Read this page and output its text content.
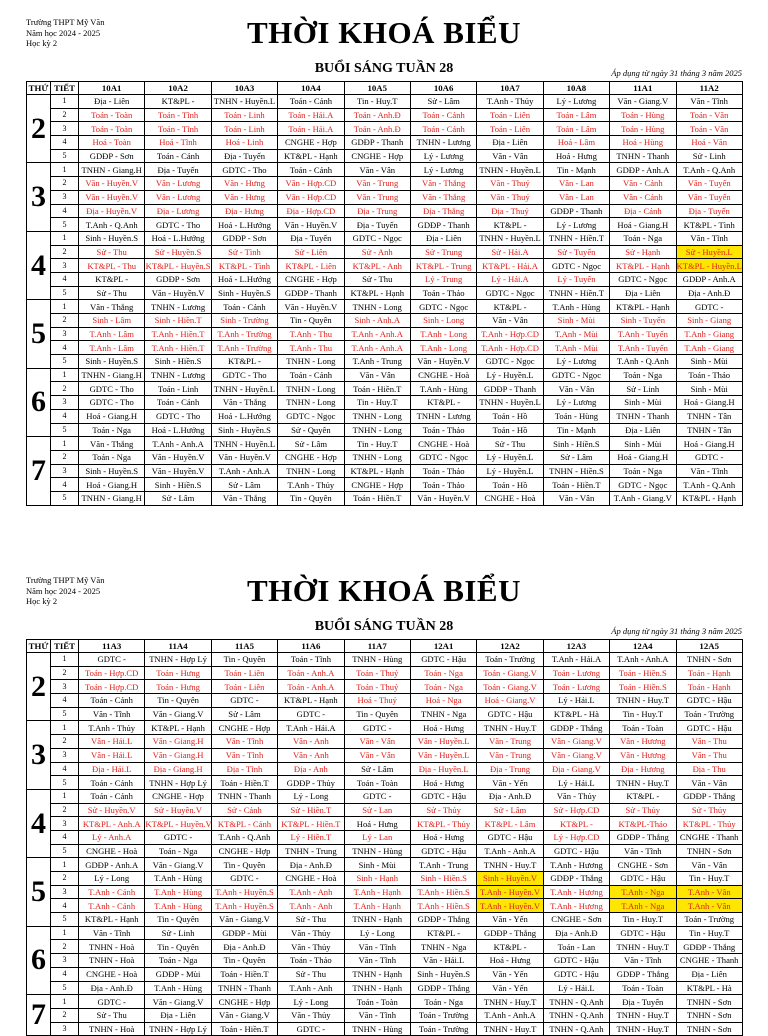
Trường THPT Mỹ Văn
Năm học 2024 - 2025
Học kỳ 2	THỜI KHOÁ BIỂU
BUỔI SÁNG TUẦN 28	Áp dụng từ ngày 31 tháng 3 năm 2025
THỨ	TIẾT	10A1	10A2	10A3	10A4	10A5	10A6	10A7	10A8	11A1	11A2
2	1	Địa - Liên	KT&PL -	TNHN - Huyền.L	Toán - Cảnh	Tin - Huy.T	Sử - Lâm	T.Anh - Thủy	Lý - Lương	Văn - Giang.V	Văn - Tĩnh
	2	Toán - Toàn	Toán - Tĩnh	Toán - Linh	Toán - Hải.A	Toán - Anh.Đ	Toán - Cảnh	Toán - Liên	Toán - Lâm	Toán - Hùng	Toán - Văn
	3	Toán - Toàn	Toán - Tĩnh	Toán - Linh	Toán - Hải.A	Toán - Anh.Đ	Toán - Cảnh	Toán - Liên	Toán - Lâm	Toán - Hùng	Toán - Văn
	4	Hoá - Toàn	Hoá - Tĩnh	Hoá - Linh	CNGHE - Hợp	GDĐP - Thanh	TNHN - Lương	Địa - Liên	Hoá - Lâm	Hoá - Hùng	Hoá - Văn
	5	GDĐP - Sơn	Toán - Cảnh	Địa - Tuyến	KT&PL - Hạnh	CNGHE - Hợp	Lý - Lương	Văn - Vân	Hoá - Hưng	TNHN - Thanh	Sử - Linh
3	1	TNHN - Giang.H	Địa - Tuyến	GDTC - Tho	Toán - Cảnh	Văn - Vân	Lý - Lương	TNHN - Huyền.L	Tin - Mạnh	GDĐP - Anh.A	T.Anh - Q.Anh
	2	Văn - Huyền.V	Văn - Lương	Văn - Hưng	Văn - Hợp.CD	Văn - Trung	Văn - Thắng	Văn - Thuỷ	Văn - Lan	Văn - Cảnh	Văn - Tuyến
	3	Văn - Huyền.V	Văn - Lương	Văn - Hưng	Văn - Hợp.CD	Văn - Trung	Văn - Thắng	Văn - Thuỷ	Văn - Lan	Văn - Cảnh	Văn - Tuyến
	4	Địa - Huyền.V	Địa - Lương	Địa - Hưng	Địa - Hợp.CD	Địa - Trung	Địa - Thắng	Địa - Thuỷ	GDĐP - Thanh	Địa - Cảnh	Địa - Tuyến
	5	T.Anh - Q.Anh	GDTC - Tho	Hoá - L.Hướng	Văn - Huyền.V	Địa - Tuyến	GDĐP - Thanh	KT&PL -	Lý - Lương	Hoá - Giang.H	KT&PL - Tình
4	1	Sinh - Huyền.S	Hoá - L.Hướng	GDĐP - Sơn	Địa - Tuyến	GDTC - Ngọc	Địa - Liên	TNHN - Huyền.L	TNHN - Hiền.T	Toán - Nga	Văn - Tĩnh
	2	Sử - Thu	Sử - Huyền.S	Sử - Tình	Sử - Liên	Sử - Anh	Sử - Trung	Sử - Hải.A	Sử - Tuyến	Sử - Hạnh	Sử - Huyền.L
	3	KT&PL - Thu	KT&PL - Huyền.S	KT&PL - Tình	KT&PL - Liên	KT&PL - Anh	KT&PL - Trung	KT&PL - Hải.A	GDTC - Ngọc	KT&PL - Hạnh	KT&PL - Huyền.L
	4	KT&PL -	GDĐP - Sơn	Hoá - L.Hướng	CNGHE - Hợp	Sử - Thu	Lý - Trung	Lý - Hải.A	Lý - Tuyến	GDTC - Ngọc	GDĐP - Anh.A
	5	Sử - Thu	Văn - Huyền.V	Sinh - Huyền.S	GDĐP - Thanh	KT&PL - Hạnh	Toán - Thảo	GDTC - Ngọc	TNHN - Hiền.T	Địa - Liên	Địa - Anh.Đ
5	1	Văn - Thắng	TNHN - Lương	Toán - Cảnh	Văn - Huyền.V	TNHN - Long	GDTC - Ngọc	KT&PL -	T.Anh - Hùng	KT&PL - Hạnh	GDTC -
	2	Sinh - Lâm	Sinh - Hiền.T	Sinh - Trường	Tin - Quyên	Sinh - Anh.A	Sinh - Long	Văn - Vân	Sinh - Mùi	Sinh - Tuyến	Sinh - Giang
	3	T.Anh - Lâm	T.Anh - Hiền.T	T.Anh - Trường	T.Anh - Thu	T.Anh - Anh.A	T.Anh - Long	T.Anh - Hợp.CD	T.Anh - Mùi	T.Anh - Tuyến	T.Anh - Giang
	4	T.Anh - Lâm	T.Anh - Hiền.T	T.Anh - Trường	T.Anh - Thu	T.Anh - Anh.A	T.Anh - Long	T.Anh - Hợp.CD	T.Anh - Mùi	T.Anh - Tuyến	T.Anh - Giang
	5	Sinh - Huyền.S	Sinh - Hiền.S	KT&PL -	TNHN - Long	T.Anh - Trung	Văn - Huyền.V	GDTC - Ngọc	Lý - Lương	T.Anh - Q.Anh	Sinh - Mùi
6	1	TNHN - Giang.H	TNHN - Lương	GDTC - Tho	Toán - Cảnh	Văn - Vân	CNGHE - Hoà	Lý - Huyền.L	GDTC - Ngọc	Toán - Nga	Toán - Thảo
	2	GDTC - Tho	Toán - Linh	TNHN - Huyền.L	TNHN - Long	Toán - Hiền.T	T.Anh - Hùng	GDĐP - Thanh	Văn - Vân	Sử - Linh	Sinh - Mùi
	3	GDTC - Tho	Toán - Cảnh	Văn - Thắng	TNHN - Long	Tin - Huy.T	KT&PL -	TNHN - Huyền.L	Lý - Lương	Sinh - Mùi	Hoá - Giang.H
	4	Hoá - Giang.H	GDTC - Tho	Hoá - L.Hướng	GDTC - Ngọc	TNHN - Long	TNHN - Lương	Toán - Hồ	Toán - Hùng	TNHN - Thanh	TNHN - Tân
	5	Toán - Nga	Hoá - L.Hướng	Sinh - Huyền.S	Sử - Quyên	TNHN - Long	Toán - Thảo	Toán - Hồ	Tin - Mạnh	Địa - Liên	TNHN - Tân
7	1	Văn - Thắng	T.Anh - Anh.A	TNHN - Huyền.L	Sử - Lâm	Tin - Huy.T	CNGHE - Hoà	Sử - Thu	Sinh - Hiền.S	Sinh - Mùi	Hoá - Giang.H
	2	Toán - Nga	Văn - Huyền.V	Văn - Huyền.V	CNGHE - Hợp	TNHN - Long	GDTC - Ngọc	Lý - Huyền.L	Sử - Lâm	Hoá - Giang.H	GDTC -
	3	Sinh - Huyền.S	Văn - Huyền.V	T.Anh - Anh.A	TNHN - Long	KT&PL - Hạnh	Toán - Thảo	Lý - Huyền.L	TNHN - Hiền.S	Toán - Nga	Văn - Tĩnh
	4	Hoá - Giang.H	Sinh - Hiền.S	Sử - Lâm	T.Anh - Thủy	CNGHE - Hợp	Toán - Thảo	Toán - Hồ	Toán - Hiền.T	GDTC - Ngọc	T.Anh - Q.Anh
	5	TNHN - Giang.H	Sử - Lâm	Văn - Thắng	Tin - Quyên	Toán - Hiền.T	Văn - Huyền.V	CNGHE - Hoà	Văn - Vân	T.Anh - Giang.V	KT&PL - Hạnh
Trường THPT Mỹ Văn
Năm học 2024 - 2025
Học kỳ 2	THỜI KHOÁ BIỂU
BUỔI SÁNG TUẦN 28	Áp dụng từ ngày 31 tháng 3 năm 2025
THỨ	TIẾT	11A3	11A4	11A5	11A6	11A7	12A1	12A2	12A3	12A4	12A5
2	1	GDTC -	TNHN - Hợp Lý	Tin - Quyên	Toán - Tĩnh	TNHN - Hùng	GDTC - Hậu	Toán - Trường	T.Anh - Hải.A	T.Anh - Anh.A	TNHN - Sơn
	2	Toán - Hợp.CD	Toán - Hưng	Toán - Liên	Toán - Anh.A	Toán - Thuỷ	Toán - Nga	Toán - Giang.V	Toán - Lương	Toán - Hiền.S	Toán - Hạnh
	3	Toán - Hợp.CD	Toán - Hưng	Toán - Liên	Toán - Anh.A	Toán - Thuỷ	Toán - Nga	Toán - Giang.V	Toán - Lương	Toán - Hiền.S	Toán - Hạnh
	4	Toán - Cảnh	Tin - Quyên	GDTC -	KT&PL - Hạnh	Hoá - Thuỷ	Hoá - Nga	Hoá - Giang.V	Lý - Hải.L	TNHN - Huy.T	GDTC - Hậu
	5	Văn - Tĩnh	Văn - Giang.V	Sử - Lâm	GDTC -	Tin - Quyên	TNHN - Nga	GDTC - Hậu	KT&PL - Hà	Tin - Huy.T	Toán - Trường
3	1	T.Anh - Thủy	KT&PL - Hạnh	CNGHE - Hợp	T.Anh - Hải.A	GDTC -	Hoá - Hưng	TNHN - Huy.T	GDĐP - Thắng	Toán - Toàn	GDTC - Hậu
	2	Văn - Hải.L	Văn - Giang.H	Văn - Tĩnh	Văn - Anh	Văn - Vân	Văn - Huyền.L	Văn - Trung	Văn - Giang.V	Văn - Hương	Văn - Thu
	3	Văn - Hải.L	Văn - Giang.H	Văn - Tĩnh	Văn - Anh	Văn - Vân	Văn - Huyền.L	Văn - Trung	Văn - Giang.V	Văn - Hương	Văn - Thu
	4	Địa - Hải.L	Địa - Giang.H	Địa - Tĩnh	Địa - Anh	Sử - Lâm	Địa - Huyền.L	Địa - Trung	Địa - Giang.V	Địa - Hương	Địa - Thu
	5	Toán - Cảnh	TNHN - Hợp Lý	Toán - Hiền.T	GDĐP - Thủy	Toán - Toàn	Hoá - Hưng	Văn - Yến	Lý - Hải.L	TNHN - Huy.T	Văn - Vân
4	1	Toán - Cảnh	CNGHE - Hợp	TNHN - Thanh	Lý - Long	GDTC -	GDTC - Hậu	Địa - Anh.Đ	Văn - Thủy	KT&PL -	GDĐP - Thắng
	2	Sử - Huyền.V	Sử - Huyền.V	Sử - Cảnh	Sử - Hiền.T	Sử - Lan	Sử - Thủy	Sử - Lâm	Sử - Hợp.CD	Sử - Thủy	Sử - Thủy
	3	KT&PL - Anh.A	KT&PL - Huyền.V	KT&PL - Cảnh	KT&PL - Hiền.T	Hoá - Hưng	KT&PL - Thủy	KT&PL - Lâm	KT&PL -	KT&PL-Thảo	KT&PL - Thủy
	4	Lý - Anh.A	GDTC -	T.Anh - Q.Anh	Lý - Hiền.T	Lý - Lan	Hoá - Hưng	GDTC - Hậu	Lý - Hợp.CD	GDĐP - Thắng	CNGHE - Thanh
	5	CNGHE - Hoà	Toán - Nga	CNGHE - Hợp	TNHN - Trung	TNHN - Hùng	GDTC - Hậu	T.Anh - Anh.A	GDTC - Hậu	Văn - Tĩnh	TNHN - Sơn
5	1	GDĐP - Anh.A	Văn - Giang.V	Tin - Quyên	Địa - Anh.Đ	Sinh - Mùi	T.Anh - Trung	TNHN - Huy.T	T.Anh - Hương	CNGHE - Sơn	Văn - Vân
	2	Lý - Long	T.Anh - Hùng	GDTC -	CNGHE - Hoà	Sinh - Hạnh	Sinh - Hiền.S	Sinh - Huyền.V	GDĐP - Thắng	GDTC - Hậu	Tin - Huy.T
	3	T.Anh - Cảnh	T.Anh - Hùng	T.Anh - Huyền.S	T.Anh - Anh	T.Anh - Hạnh	T.Anh - Hiền.S	T.Anh - Huyền.V	T.Anh - Hương	T.Anh - Nga	T.Anh - Vân
	4	T.Anh - Cảnh	T.Anh - Hùng	T.Anh - Huyền.S	T.Anh - Anh	T.Anh - Hạnh	T.Anh - Hiền.S	T.Anh - Huyền.V	T.Anh - Hương	T.Anh - Nga	T.Anh - Vân
	5	KT&PL - Hạnh	Tin - Quyên	Văn - Giang.V	Sử - Thu	TNHN - Hạnh	GDĐP - Thắng	Văn - Yến	CNGHE - Sơn	Tin - Huy.T	Toán - Trường
6	1	Văn - Tĩnh	Sử - Linh	GDĐP - Mùi	Văn - Thủy	Lý - Long	KT&PL -	GDĐP - Thắng	Địa - Anh.Đ	GDTC - Hậu	Tin - Huy.T
	2	TNHN - Hoà	Tin - Quyên	Địa - Anh.Đ	Văn - Thủy	Văn - Tĩnh	TNHN - Nga	KT&PL -	Toán - Lan	TNHN - Huy.T	GDĐP - Thắng
	3	TNHN - Hoà	Toán - Nga	Tin - Quyên	Toán - Thảo	Văn - Tĩnh	Văn - Hải.L	Hoá - Hưng	GDTC - Hậu	Văn - Tĩnh	CNGHE - Thanh
	4	CNGHE - Hoà	GDĐP - Mùi	Toán - Hiền.T	Sử - Thu	TNHN - Hạnh	Sinh - Huyền.S	Văn - Yến	GDTC - Hậu	GDĐP - Thắng	Địa - Liên
	5	Địa - Anh.Đ	T.Anh - Hùng	TNHN - Thanh	T.Anh - Anh	TNHN - Hạnh	GDĐP - Thắng	Văn - Yến	Lý - Hải.L	Toán - Toàn	KT&PL - Hà
7	1	GDTC -	Văn - Giang.V	CNGHE - Hợp	Lý - Long	Toán - Toàn	Toán - Nga	TNHN - Huy.T	TNHN - Q.Anh	Địa - Tuyến	TNHN - Sơn
	2	Sử - Thu	Địa - Liên	Văn - Giang.V	Văn - Thủy	Văn - Tĩnh	Toán - Trường	T.Anh - Anh.A	TNHN - Q.Anh	TNHN - Huy.T	TNHN - Sơn
	3	TNHN - Hoà	TNHN - Hợp Lý	Toán - Hiền.T	GDTC -	TNHN - Hùng	Toán - Trường	TNHN - Huy.T	TNHN - Q.Anh	TNHN - Huy.T	TNHN - Sơn
